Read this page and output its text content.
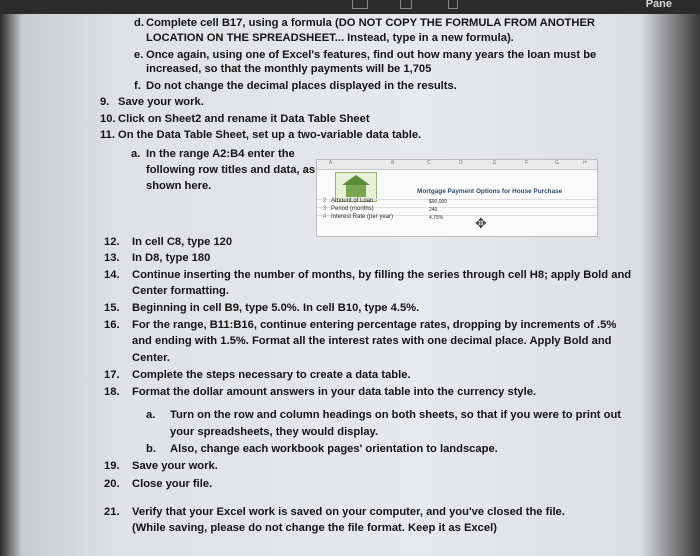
Pane
d. Complete cell B17, using a formula (DO NOT COPY THE FORMULA FROM ANOTHER
LOCATION ON THE SPREADSHEET... Instead, type in a new formula).
e. Once again, using one of Excel's features, find out how many years the loan must be
increased, so that the monthly payments will be 1,705
f. Do not change the decimal places displayed in the results.
9. Save your work.
10. Click on Sheet2 and rename it Data Table Sheet
11. On the Data Table Sheet, set up a two-variable data table.
a. In the range A2:B4 enter the
following row titles and data, as
shown here.
12. In cell C8, type 120
13. In D8, type 180
14. Continue inserting the number of months, by filling the series through cell H8; apply Bold and
Center formatting.
15. Beginning in cell B9, type 5.0%. In cell B10, type 4.5%.
16. For the range, B11:B16, continue entering percentage rates, dropping by increments of .5%
and ending with 1.5%. Format all the interest rates with one decimal place. Apply Bold and
Center.
17. Complete the steps necessary to create a data table.
18. Format the dollar amount answers in your data table into the currency style.
a. Turn on the row and column headings on both sheets, so that if you were to print out
your spreadsheets, they would display.
b. Also, change each workbook pages' orientation to landscape.
19. Save your work.
20. Close your file.
21. Verify that your Excel work is saved on your computer, and you've closed the file.
(While saving, please do not change the file format. Keep it as Excel)
A	B	C	D	E	F	G	H
Mortgage Payment Options for House Purchase
2 Amount of Loan	$90,000
3 Period (months)	240
4 Interest Rate (per year)	4.75% ✥
